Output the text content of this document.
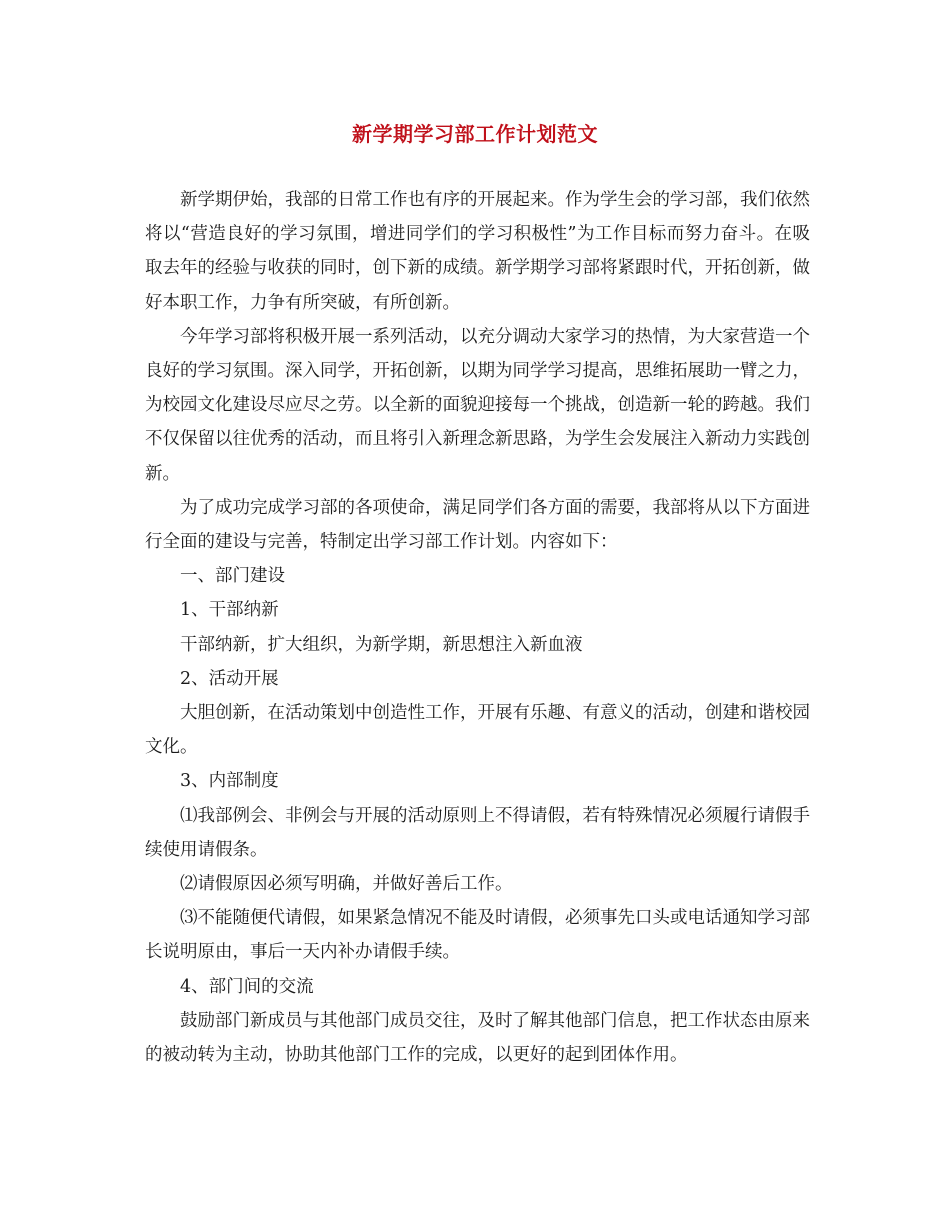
新学期学习部工作计划范文

新学期伊始，我部的日常工作也有序的开展起来。作为学生会的学习部，我们依然将以“营造良好的学习氛围，增进同学们的学习积极性”为工作目标而努力奋斗。在吸取去年的经验与收获的同时，创下新的成绩。新学期学习部将紧跟时代，开拓创新，做好本职工作，力争有所突破，有所创新。

今年学习部将积极开展一系列活动，以充分调动大家学习的热情，为大家营造一个良好的学习氛围。深入同学，开拓创新，以期为同学学习提高，思维拓展助一臂之力，为校园文化建设尽应尽之劳。以全新的面貌迎接每一个挑战，创造新一轮的跨越。我们不仅保留以往优秀的活动，而且将引入新理念新思路，为学生会发展注入新动力实践创新。

为了成功完成学习部的各项使命，满足同学们各方面的需要，我部将从以下方面进行全面的建设与完善，特制定出学习部工作计划。内容如下：

一、部门建设

1、干部纳新

干部纳新，扩大组织，为新学期，新思想注入新血液

2、活动开展

大胆创新，在活动策划中创造性工作，开展有乐趣、有意义的活动，创建和谐校园文化。

3、内部制度

⑴我部例会、非例会与开展的活动原则上不得请假，若有特殊情况必须履行请假手续使用请假条。

⑵请假原因必须写明确，并做好善后工作。

⑶不能随便代请假，如果紧急情况不能及时请假，必须事先口头或电话通知学习部长说明原由，事后一天内补办请假手续。

4、部门间的交流

鼓励部门新成员与其他部门成员交往，及时了解其他部门信息，把工作状态由原来的被动转为主动，协助其他部门工作的完成，以更好的起到团体作用。
